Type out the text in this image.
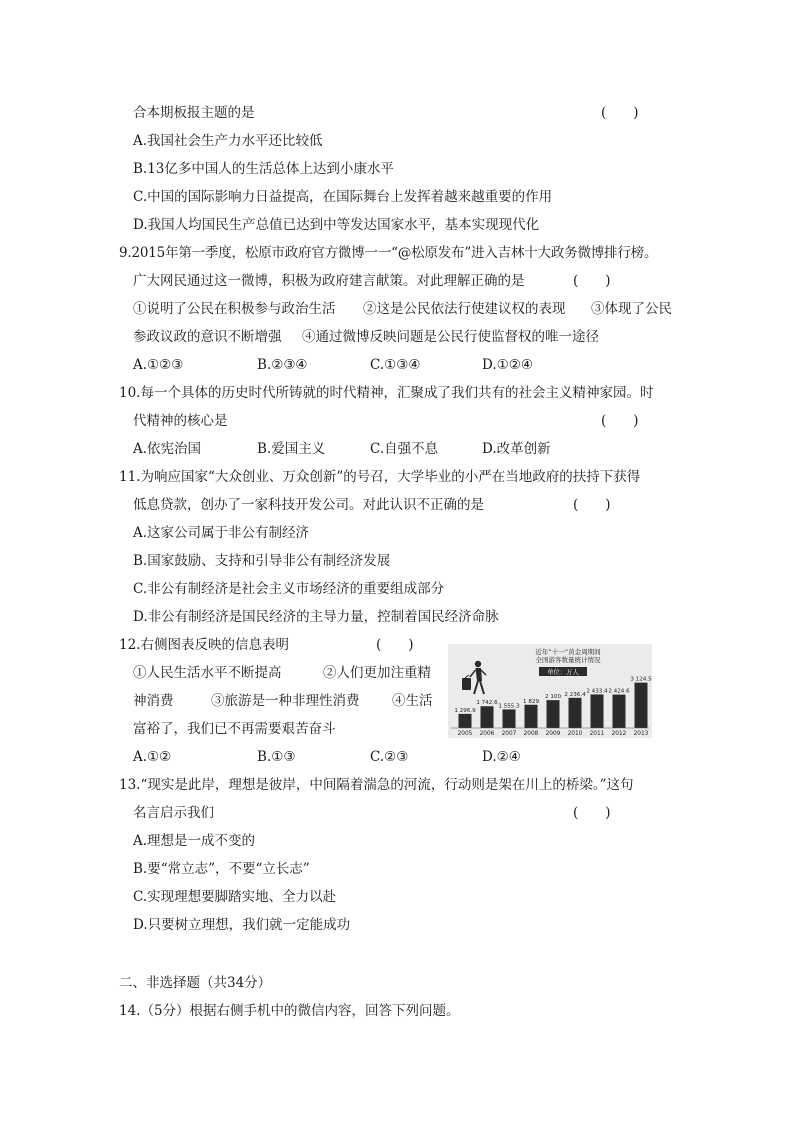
合本期板报主题的是	(　　)
A.我国社会生产力水平还比较低
B.13亿多中国人的生活总体上达到小康水平
C.中国的国际影响力日益提高，在国际舞台上发挥着越来越重要的作用
D.我国人均国民生产总值已达到中等发达国家水平，基本实现现代化
9.2015年第一季度，松原市政府官方微博一一“@松原发布”进入吉林十大政务微博排行榜。
广大网民通过这一微博，积极为政府建言献策。对此理解正确的是	(　　)
①说明了公民在积极参与政治生活 ②这是公民依法行使建议权的表现 ③体现了公民
参政议政的意识不断增强 ④通过微博反映问题是公民行使监督权的唯一途径
A.①②③	B.②③④	C.①③④	D.①②④
10.每一个具体的历史时代所铸就的时代精神，汇聚成了我们共有的社会主义精神家园。时
代精神的核心是	(　　)
A.依宪治国	B.爱国主义	C.自强不息	D.改革创新
11.为响应国家“大众创业、万众创新”的号召，大学毕业的小严在当地政府的扶持下获得
低息贷款，创办了一家科技开发公司。对此认识不正确的是	(　　)
A.这家公司属于非公有制经济
B.国家鼓励、支持和引导非公有制经济发展
C.非公有制经济是社会主义市场经济的重要组成部分
D.非公有制经济是国民经济的主导力量，控制着国民经济命脉
12.右侧图表反映的信息表明	(　　)
①人民生活水平不断提高	②人们更加注重精
神消费	③旅游是一种非理性消费 ④生活
富裕了，我们已不再需要艰苦奋斗
A.①②	B.①③	C.②③	D.②④
近年“十一”黄金周期间
全国游客数量统计情况
单位：万人
1 296.9
2005
1 742.6
2006
1 555.3
2007
1 829
2008
2 100
2009
2 236.4
2010
2 433.4
2011
2 424.6
2012
3 124.5
2013
13.“现实是此岸，理想是彼岸，中间隔着湍急的河流，行动则是架在川上的桥梁。”这句
名言启示我们	(　　)
A.理想是一成不变的
B.要“常立志”，不要“立长志”
C.实现理想要脚踏实地、全力以赴
D.只要树立理想，我们就一定能成功
二、非选择题（共34分）
14.（5分）根据右侧手机中的微信内容，回答下列问题。
